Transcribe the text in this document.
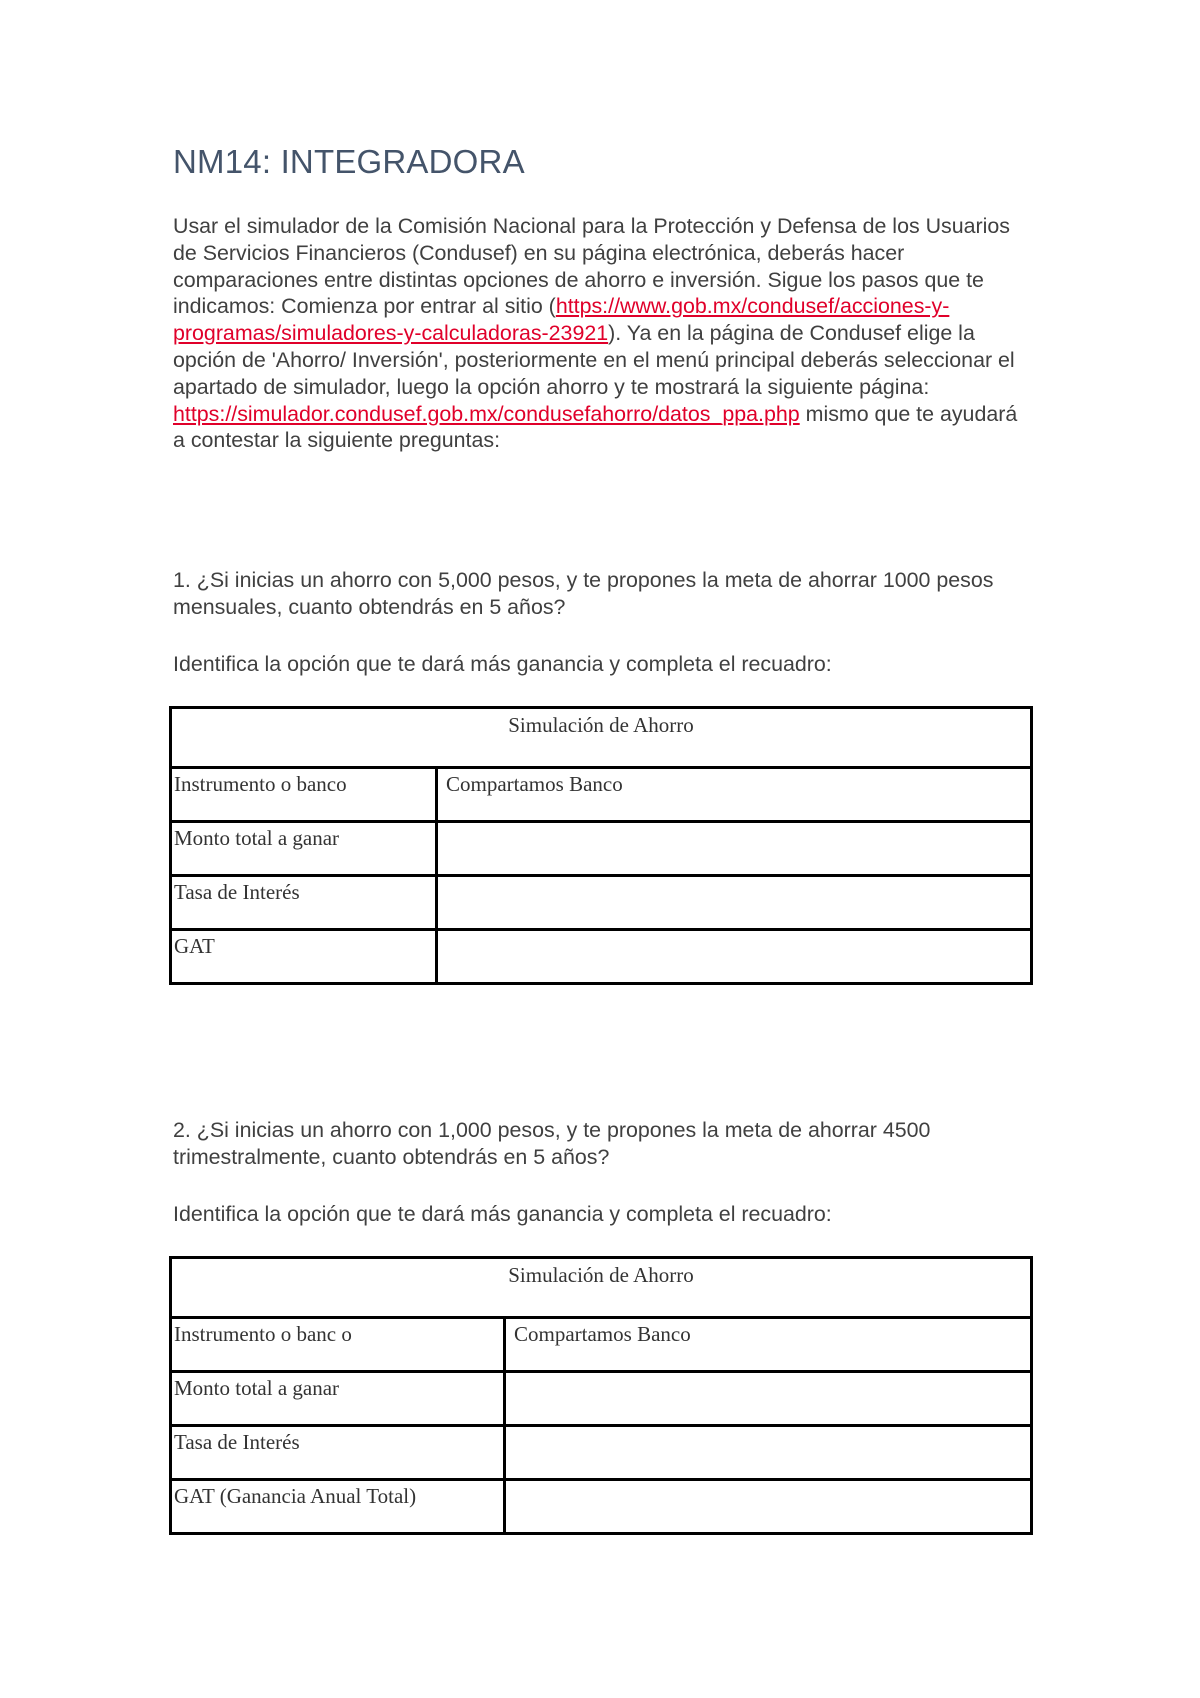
NM14: INTEGRADORA

Usar el simulador de la Comisión Nacional para la Protección y Defensa de los Usuarios de Servicios Financieros (Condusef) en su página electrónica, deberás hacer comparaciones entre distintas opciones de ahorro e inversión. Sigue los pasos que te indicamos: Comienza por entrar al sitio (https://www.gob.mx/condusef/acciones-y-programas/simuladores-y-calculadoras-23921). Ya en la página de Condusef elige la opción de 'Ahorro/ Inversión', posteriormente en el menú principal deberás seleccionar el apartado de simulador, luego la opción ahorro y te mostrará la siguiente página: https://simulador.condusef.gob.mx/condusefahorro/datos_ppa.php mismo que te ayudará a contestar la siguiente preguntas:

1. ¿Si inicias un ahorro con 5,000 pesos, y te propones la meta de ahorrar 1000 pesos mensuales, cuanto obtendrás en 5 años?
Identifica la opción que te dará más ganancia y completa el recuadro:
Simulación de Ahorro	
Instrumento o banco	Compartamos Banco
Monto total a ganar	
Tasa de Interés	
GAT	
2. ¿Si inicias un ahorro con 1,000 pesos, y te propones la meta de ahorrar 4500 trimestralmente, cuanto obtendrás en 5 años?
Identifica la opción que te dará más ganancia y completa el recuadro:
Simulación de Ahorro	
Instrumento o banc o	Compartamos Banco
Monto total a ganar	
Tasa de Interés	
GAT (Ganancia Anual Total)	
